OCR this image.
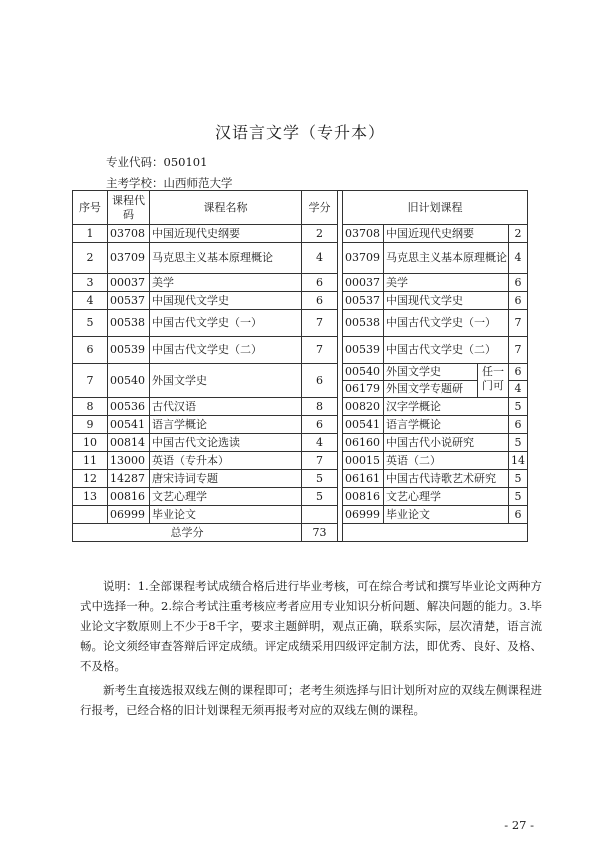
汉语言文学（专升本）
专业代码：050101
主考学校：山西师范大学
序号	课程代码	课程名称	学分		旧计划课程			
1	03708	中国近现代史纲要	2		03708	中国近现代史纲要		2
2	03709	马克思主义基本原理概论	4		03709	马克思主义基本原理概论		4
3	00037	美学	6		00037	美学		6
4	00537	中国现代文学史	6		00537	中国现代文学史		6
5	00538	中国古代文学史（一）	7		00538	中国古代文学史（一）		7
6	00539	中国古代文学史（二）	7		00539	中国古代文学史（二）		7
7	00540	外国文学史	6		00540	外国文学史	任一门可	6
					06179	外国文学专题研		4
8	00536	古代汉语	8		00820	汉字学概论		5
9	00541	语言学概论	6		00541	语言学概论		6
10	00814	中国古代文论选读	4		06160	中国古代小说研究		5
11	13000	英语（专升本）	7		00015	英语（二）		14
12	14287	唐宋诗词专题	5		06161	中国古代诗歌艺术研究		5
13	00816	文艺心理学	5		00816	文艺心理学		5
	06999	毕业论文			06999	毕业论文		6
总学分			73					

说明：1.全部课程考试成绩合格后进行毕业考核，可在综合考试和撰写毕业论文两种方式中选择一种。2.综合考试注重考核应考者应用专业知识分析问题、解决问题的能力。3.毕业论文字数原则上不少于8千字，要求主题鲜明，观点正确，联系实际，层次清楚，语言流畅。论文须经审查答辩后评定成绩。评定成绩采用四级评定制方法，即优秀、良好、及格、不及格。

新考生直接选报双线左侧的课程即可；老考生须选择与旧计划所对应的双线左侧课程进行报考，已经合格的旧计划课程无须再报考对应的双线左侧的课程。

- 27 -
